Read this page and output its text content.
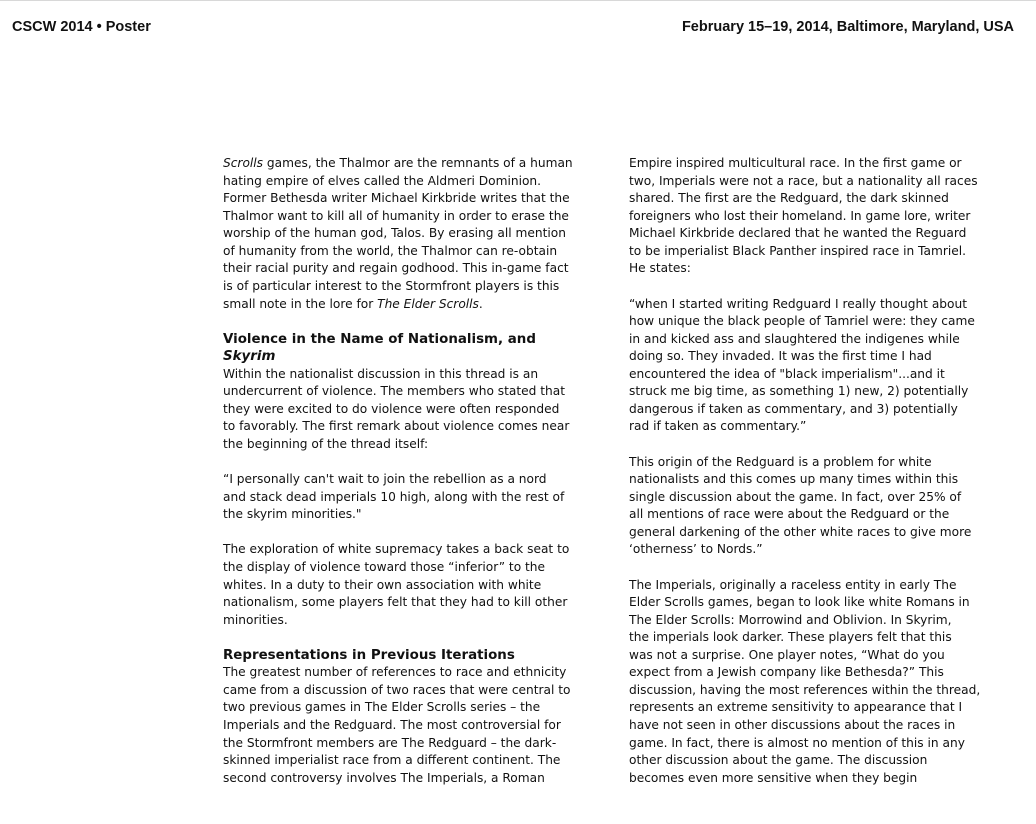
CSCW 2014 • Poster	February 15–19, 2014, Baltimore, Maryland, USA
Scrolls games, the Thalmor are the remnants of a human
hating empire of elves called the Aldmeri Dominion.
Former Bethesda writer Michael Kirkbride writes that the
Thalmor want to kill all of humanity in order to erase the
worship of the human god, Talos. By erasing all mention
of humanity from the world, the Thalmor can re-obtain
their racial purity and regain godhood. This in-game fact
is of particular interest to the Stormfront players is this
small note in the lore for The Elder Scrolls.
Violence in the Name of Nationalism, and
Skyrim
Within the nationalist discussion in this thread is an
undercurrent of violence. The members who stated that
they were excited to do violence were often responded
to favorably. The first remark about violence comes near
the beginning of the thread itself:
“I personally can't wait to join the rebellion as a nord
and stack dead imperials 10 high, along with the rest of
the skyrim minorities."
The exploration of white supremacy takes a back seat to
the display of violence toward those “inferior” to the
whites. In a duty to their own association with white
nationalism, some players felt that they had to kill other
minorities.
Representations in Previous Iterations
The greatest number of references to race and ethnicity
came from a discussion of two races that were central to
two previous games in The Elder Scrolls series – the
Imperials and the Redguard. The most controversial for
the Stormfront members are The Redguard – the dark-
skinned imperialist race from a different continent. The
second controversy involves The Imperials, a Roman
Empire inspired multicultural race. In the first game or
two, Imperials were not a race, but a nationality all races
shared. The first are the Redguard, the dark skinned
foreigners who lost their homeland. In game lore, writer
Michael Kirkbride declared that he wanted the Reguard
to be imperialist Black Panther inspired race in Tamriel.
He states:
“when I started writing Redguard I really thought about
how unique the black people of Tamriel were: they came
in and kicked ass and slaughtered the indigenes while
doing so. They invaded. It was the first time I had
encountered the idea of "black imperialism"...and it
struck me big time, as something 1) new, 2) potentially
dangerous if taken as commentary, and 3) potentially
rad if taken as commentary.”
This origin of the Redguard is a problem for white
nationalists and this comes up many times within this
single discussion about the game. In fact, over 25% of
all mentions of race were about the Redguard or the
general darkening of the other white races to give more
‘otherness’ to Nords.”
The Imperials, originally a raceless entity in early The
Elder Scrolls games, began to look like white Romans in
The Elder Scrolls: Morrowind and Oblivion. In Skyrim,
the imperials look darker. These players felt that this
was not a surprise. One player notes, “What do you
expect from a Jewish company like Bethesda?” This
discussion, having the most references within the thread,
represents an extreme sensitivity to appearance that I
have not seen in other discussions about the races in
game. In fact, there is almost no mention of this in any
other discussion about the game. The discussion
becomes even more sensitive when they begin
